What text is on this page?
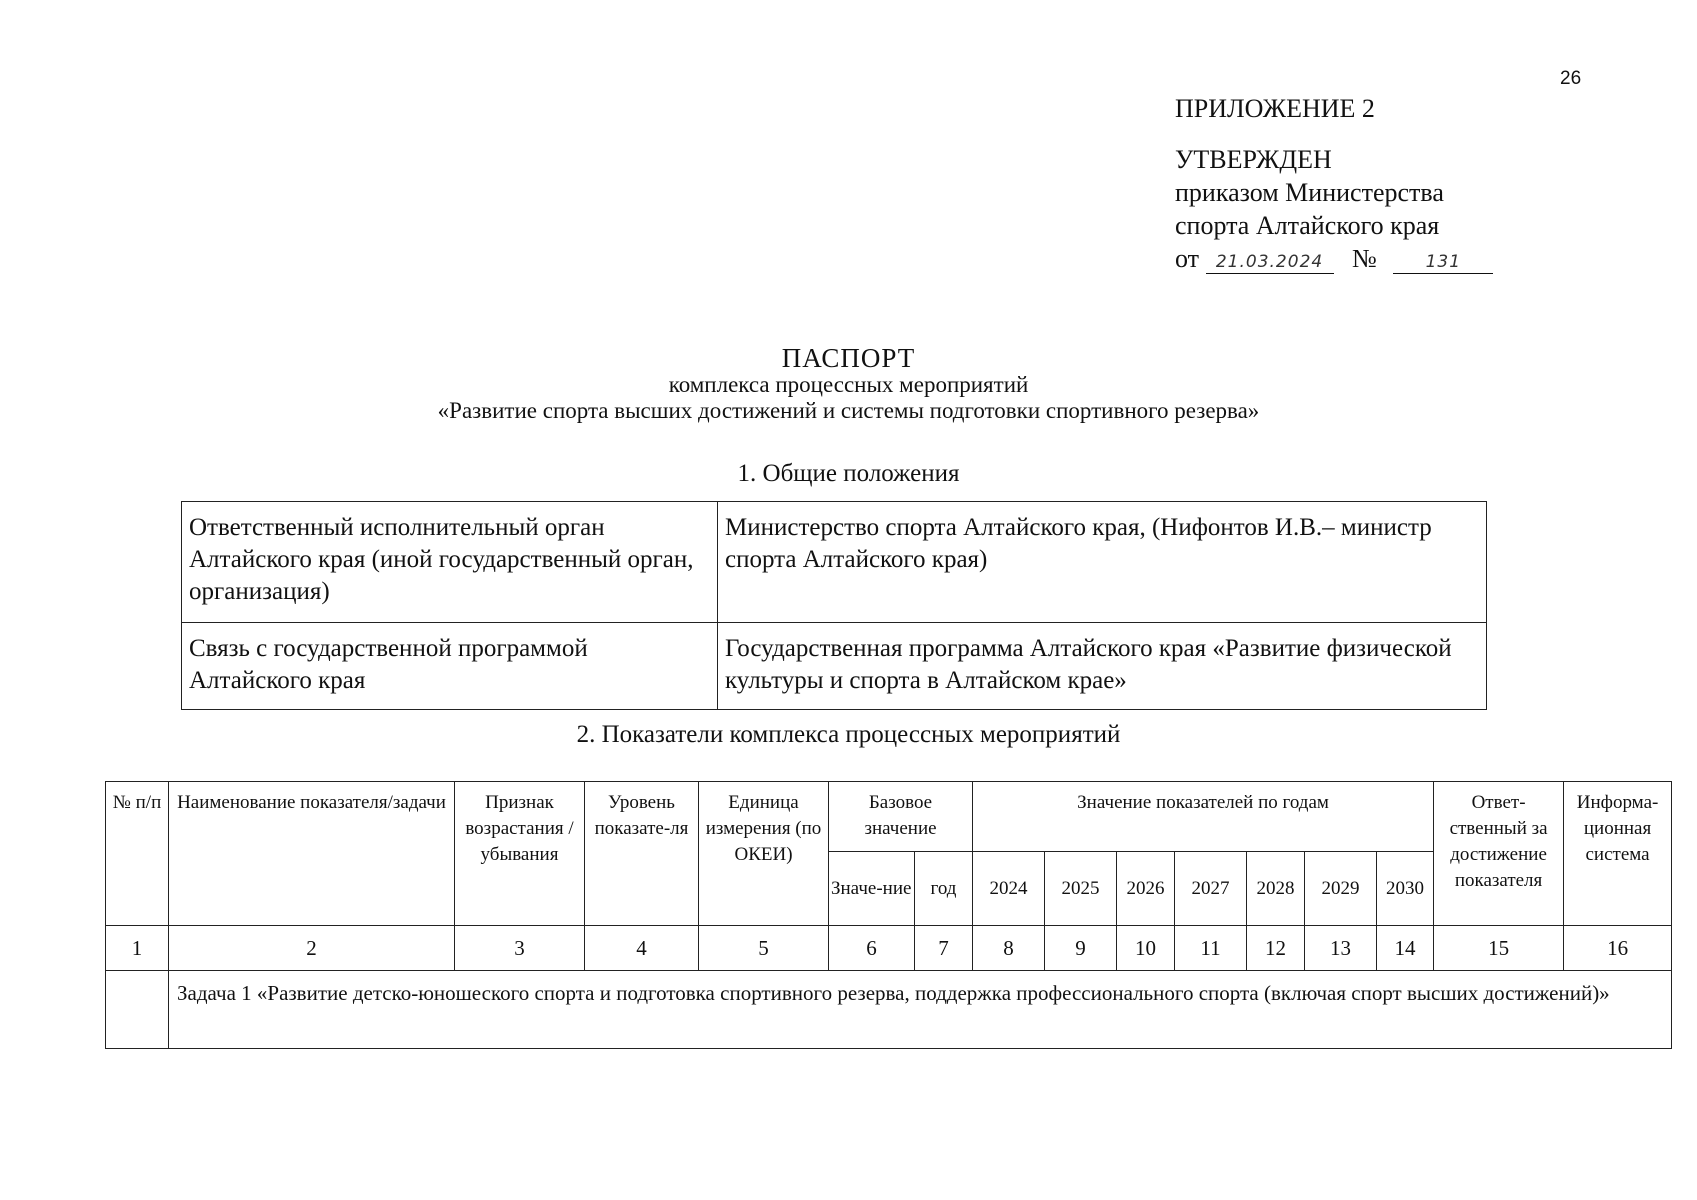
26
ПРИЛОЖЕНИЕ 2
УТВЕРЖДЕН
приказом Министерства
спорта Алтайского края
от 21.03.2024 №	131
ПАСПОРТ
комплекса процессных мероприятий
«Развитие спорта высших достижений и системы подготовки спортивного резерва»
1. Общие положения
Ответственный исполнительный орган Алтайского края (иной государственный орган, организация)	Министерство спорта Алтайского края, (Нифонтов И.В.– министр спорта Алтайского края)
Связь с государственной программой Алтайского края	Государственная программа Алтайского края «Развитие физической культуры и спорта в Алтайском крае»
2. Показатели комплекса процессных мероприятий
№ п/п	Наименование показателя/задачи	Признак возрастания / убывания	Уровень показате-ля	Единица измерения (по ОКЕИ)	Базовое значение		Значение показателей по годам							Ответ-ственный за достижение показателя	Информа-ционная система
					Значе-ние	год	2024	2025	2026	2027	2028	2029	2030		
1	2	3	4	5	6	7	8	9	10	11	12	13	14	15	16
	Задача 1 «Развитие детско-юношеского спорта и подготовка спортивного резерва, поддержка профессионального спорта (включая спорт высших достижений)»														
